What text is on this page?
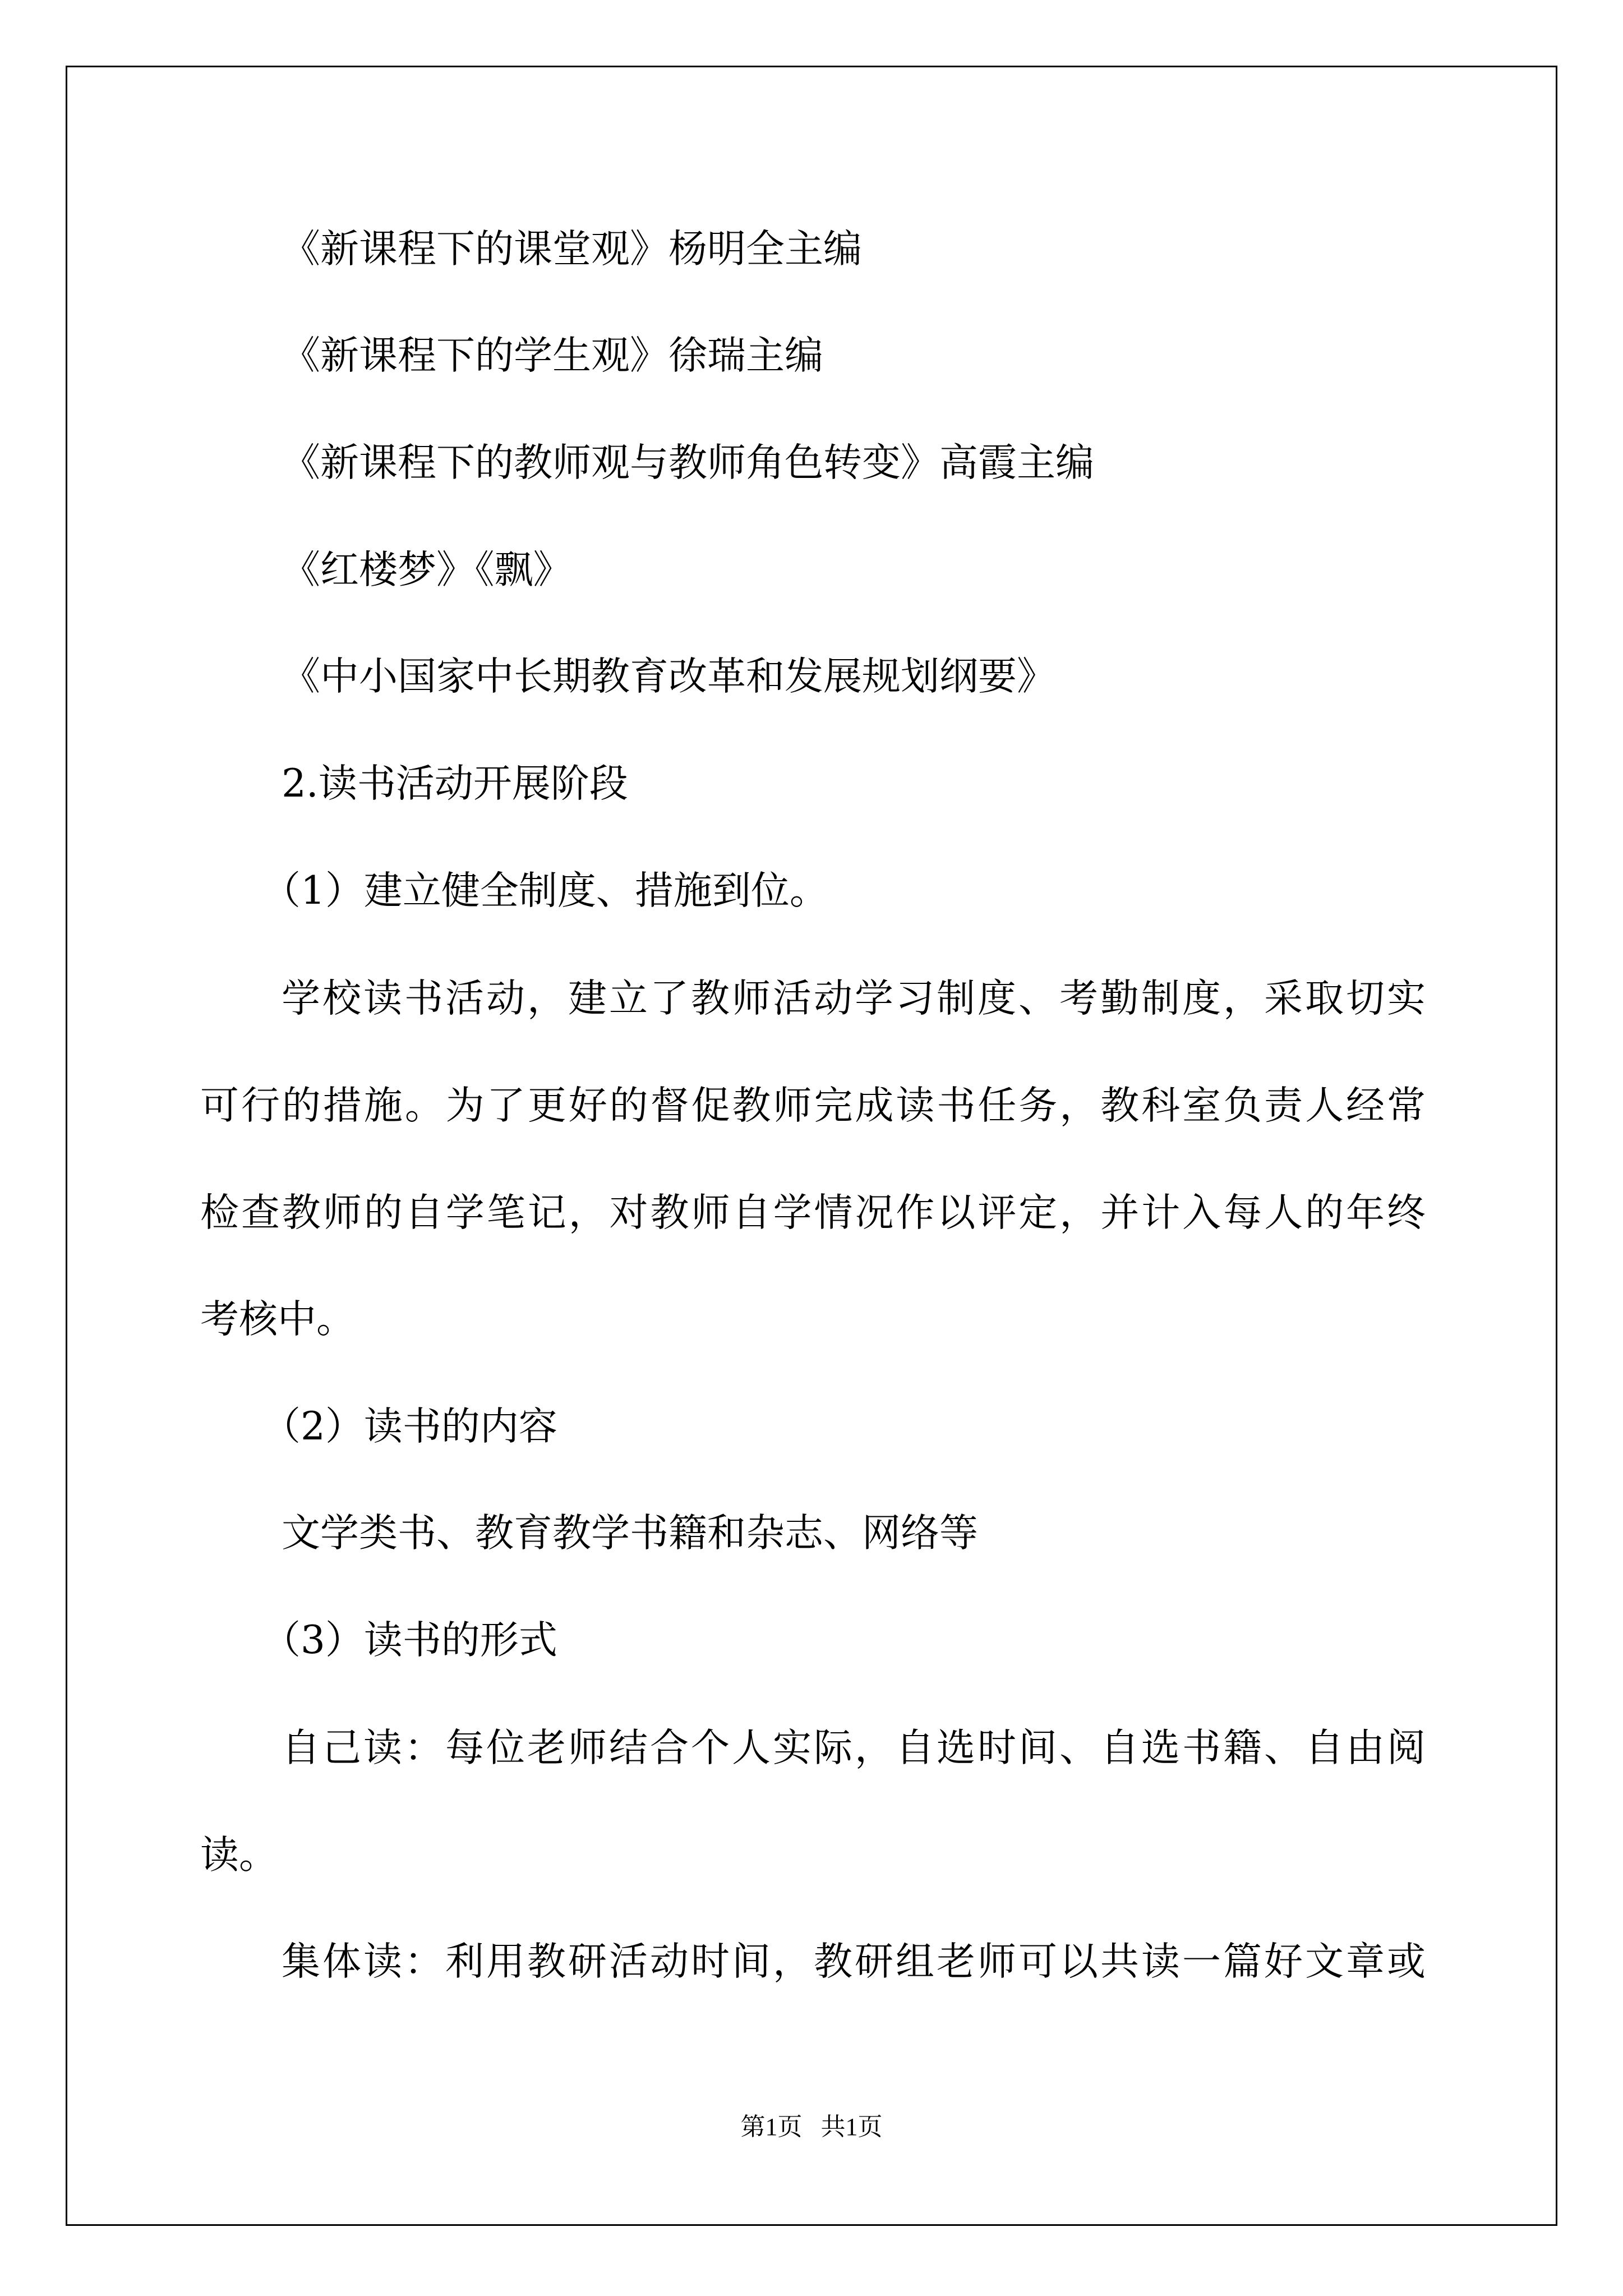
《新课程下的课堂观》杨明全主编

《新课程下的学生观》徐瑞主编

《新课程下的教师观与教师角色转变》高霞主编

《红楼梦》《飘》

《中小国家中长期教育改革和发展规划纲要》

2.读书活动开展阶段

（1）建立健全制度、措施到位。

学校读书活动，建立了教师活动学习制度、考勤制度，采取切实

可行的措施。为了更好的督促教师完成读书任务，教科室负责人经常

检查教师的自学笔记，对教师自学情况作以评定，并计入每人的年终

考核中。

（2）读书的内容

文学类书、教育教学书籍和杂志、网络等

（3）读书的形式

自己读：每位老师结合个人实际，自选时间、自选书籍、自由阅

读。

集体读：利用教研活动时间，教研组老师可以共读一篇好文章或

第1页   共1页
